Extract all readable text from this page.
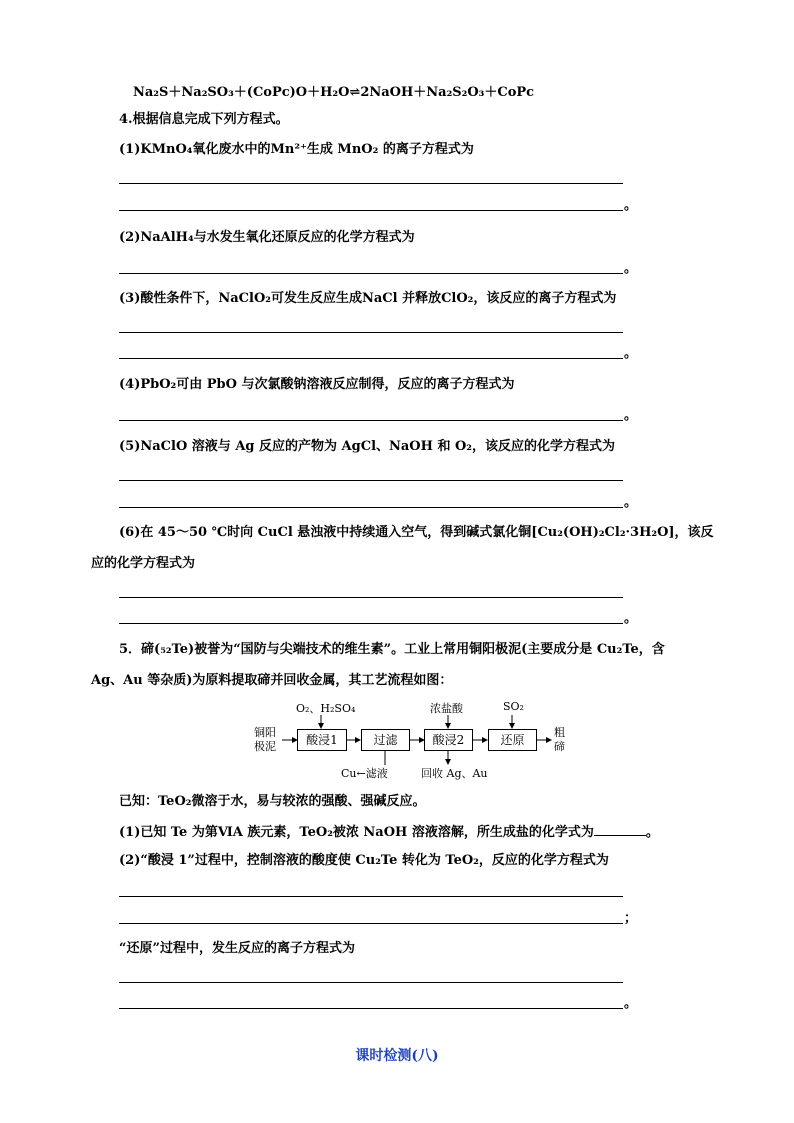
Na₂S＋Na₂SO₃＋(CoPc)O＋H₂O⇌2NaOH＋Na₂S₂O₃＋CoPc
4.根据信息完成下列方程式。
(1)KMnO₄氧化废水中的Mn²⁺生成 MnO₂ 的离子方程式为
。
(2)NaAlH₄与水发生氧化还原反应的化学方程式为
。
(3)酸性条件下，NaClO₂可发生反应生成NaCl 并释放ClO₂，该反应的离子方程式为
。
(4)PbO₂可由 PbO 与次氯酸钠溶液反应制得，反应的离子方程式为
。
(5)NaClO 溶液与 Ag 反应的产物为 AgCl、NaOH 和 O₂，该反应的化学方程式为
。
(6)在 45～50 ℃时向 CuCl 悬浊液中持续通入空气，得到碱式氯化铜[Cu₂(OH)₂Cl₂·3H₂O]，该反
应的化学方程式为
。
5．碲(₅₂Te)被誉为“国防与尖端技术的维生素”。工业上常用铜阳极泥(主要成分是 Cu₂Te，含
Ag、Au 等杂质)为原料提取碲并回收金属，其工艺流程如图：
铜阳
极泥	酸浸1	过滤	酸浸2	还原
O₂、H₂SO₄	浓盐酸	SO₂
Cu←滤液	回收 Ag、Au
粗
碲
已知：TeO₂微溶于水，易与较浓的强酸、强碱反应。
(1)已知 Te 为第ⅥA 族元素，TeO₂被浓 NaOH 溶液溶解，所生成盐的化学式为	。
(2)“酸浸 1”过程中，控制溶液的酸度使 Cu₂Te 转化为 TeO₂，反应的化学方程式为
；
“还原”过程中，发生反应的离子方程式为
。
课时检测(八)
